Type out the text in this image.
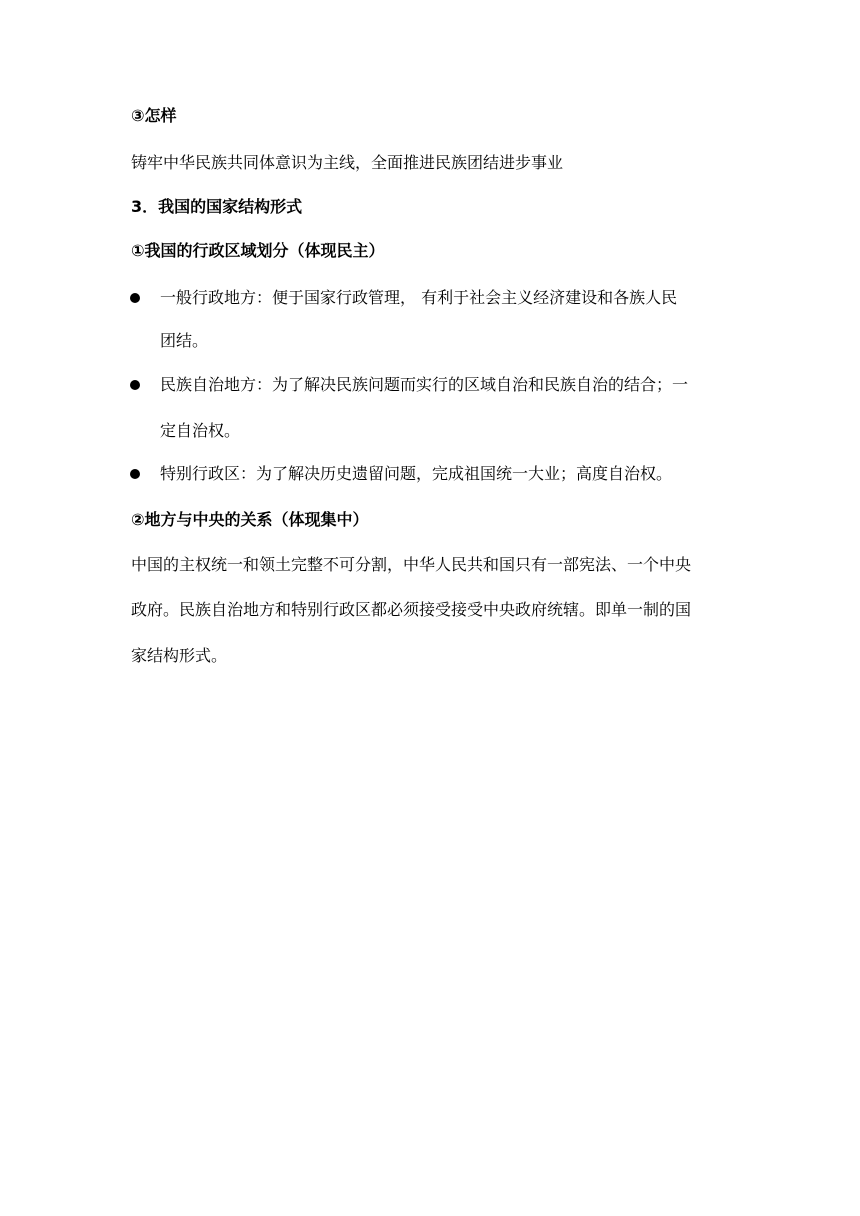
③怎样
铸牢中华民族共同体意识为主线，全面推进民族团结进步事业
3．我国的国家结构形式
①我国的行政区域划分（体现民主）
一般行政地方：便于国家行政管理， 有利于社会主义经济建设和各族人民
团结。
民族自治地方：为了解决民族问题而实行的区域自治和民族自治的结合；一
定自治权。
特别行政区：为了解决历史遗留问题，完成祖国统一大业；高度自治权。
②地方与中央的关系（体现集中）
中国的主权统一和领土完整不可分割，中华人民共和国只有一部宪法、一个中央
政府。民族自治地方和特别行政区都必须接受接受中央政府统辖。即单一制的国
家结构形式。
